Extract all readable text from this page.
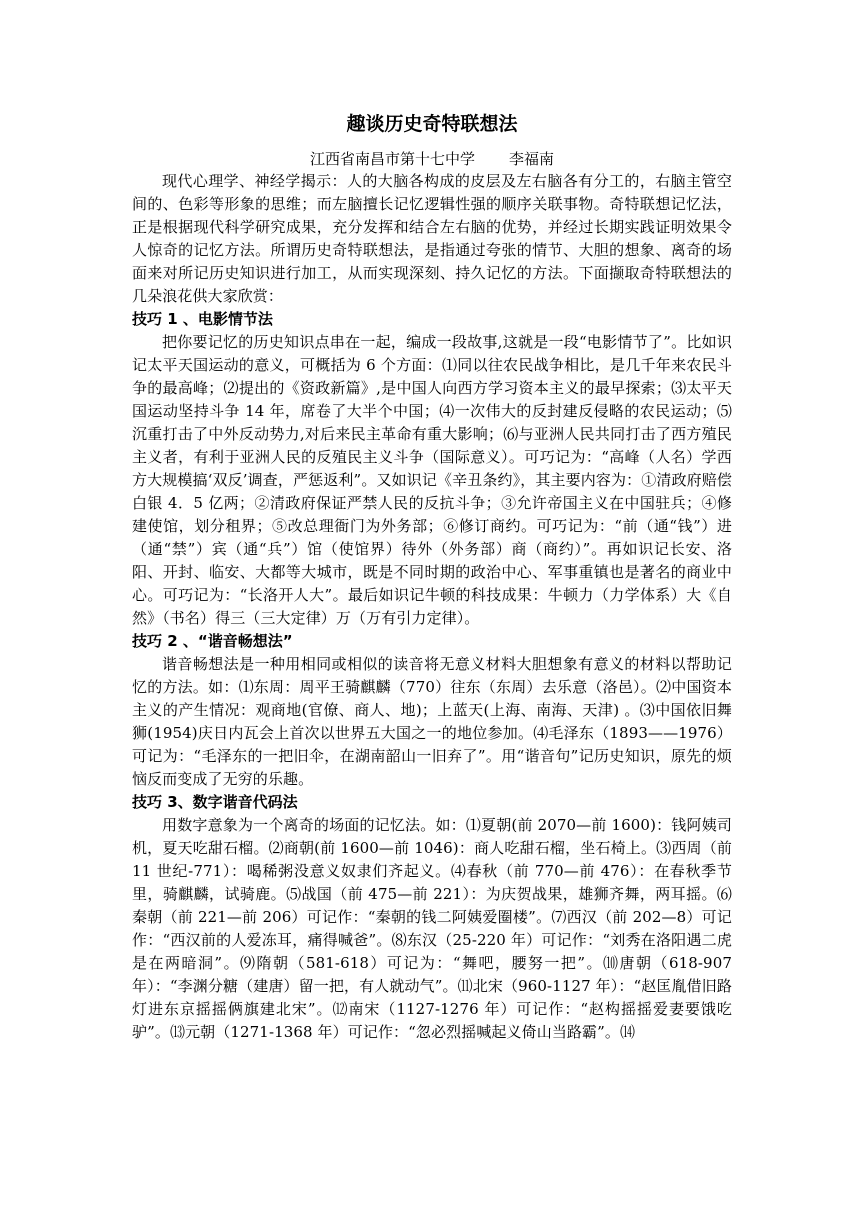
趣谈历史奇特联想法

江西省南昌市第十七中学 李福南

现代心理学、神经学揭示：人的大脑各构成的皮层及左右脑各有分工的，右脑主管空间的、色彩等形象的思维；而左脑擅长记忆逻辑性强的顺序关联事物。奇特联想记忆法，正是根据现代科学研究成果，充分发挥和结合左右脑的优势，并经过长期实践证明效果令人惊奇的记忆方法。所谓历史奇特联想法，是指通过夸张的情节、大胆的想象、离奇的场面来对所记历史知识进行加工，从而实现深刻、持久记忆的方法。下面撷取奇特联想法的几朵浪花供大家欣赏：

技巧 1 、电影情节法

把你要记忆的历史知识点串在一起，编成一段故事,这就是一段“电影情节了”。比如识记太平天国运动的意义，可概括为 6 个方面：⑴同以往农民战争相比，是几千年来农民斗争的最高峰；⑵提出的《资政新篇》,是中国人向西方学习资本主义的最早探索；⑶太平天国运动坚持斗争 14 年，席卷了大半个中国；⑷一次伟大的反封建反侵略的农民运动；⑸沉重打击了中外反动势力,对后来民主革命有重大影响；⑹与亚洲人民共同打击了西方殖民主义者，有利于亚洲人民的反殖民主义斗争（国际意义）。可巧记为：“高峰（人名）学西方大规模搞‘双反’调查，严惩返利”。又如识记《辛丑条约》，其主要内容为：①清政府赔偿白银 4．5 亿两；②清政府保证严禁人民的反抗斗争；③允许帝国主义在中国驻兵；④修建使馆，划分租界；⑤改总理衙门为外务部；⑥修订商约。可巧记为：“前（通“钱”）进（通“禁”）宾（通“兵”）馆（使馆界）待外（外务部）商（商约）”。再如识记长安、洛阳、开封、临安、大都等大城市，既是不同时期的政治中心、军事重镇也是著名的商业中心。可巧记为：“长洛开人大”。最后如识记牛顿的科技成果：牛顿力（力学体系）大《自然》（书名）得三（三大定律）万（万有引力定律）。

技巧 2 、“谐音畅想法”

谐音畅想法是一种用相同或相似的读音将无意义材料大胆想象有意义的材料以帮助记忆的方法。如：⑴东周：周平王骑麒麟（770）往东（东周）去乐意（洛邑）。⑵中国资本主义的产生情况：观商地(官僚、商人、地)；上蓝天(上海、南海、天津) 。⑶中国依旧舞狮(1954)庆日内瓦会上首次以世界五大国之一的地位参加。⑷毛泽东（1893——1976）可记为：“毛泽东的一把旧伞，在湖南韶山一旧弃了”。用“谐音句”记历史知识，原先的烦恼反而变成了无穷的乐趣。

技巧 3、数字谐音代码法

用数字意象为一个离奇的场面的记忆法。如：⑴夏朝(前 2070—前 1600)：钱阿姨司机，夏天吃甜石榴。⑵商朝(前 1600—前 1046)：商人吃甜石榴，坐石椅上。⑶西周（前 11 世纪-771）：喝稀粥没意义奴隶们齐起义。⑷春秋（前 770—前 476）：在春秋季节里，骑麒麟，试骑鹿。⑸战国（前 475—前 221）：为庆贺战果，雄狮齐舞，两耳摇。⑹秦朝（前 221—前 206）可记作：“秦朝的钱二阿姨爱圈楼”。⑺西汉（前 202—8）可记作：“西汉前的人爱冻耳，痛得喊爸”。⑻东汉（25-220 年）可记作：“刘秀在洛阳遇二虎是在两暗洞”。⑼隋朝（581-618）可记为：“舞吧，腰努一把”。⑽唐朝（618-907 年）：“李渊分糖（建唐）留一把，有人就动气”。⑾北宋（960-1127 年）：“赵匡胤借旧路灯进东京摇摇俩旗建北宋”。⑿南宋（1127-1276 年）可记作：“赵构摇摇爱妻要饿吃驴”。⒀元朝（1271-1368 年）可记作：“忽必烈摇喊起义倚山当路霸”。⒁
